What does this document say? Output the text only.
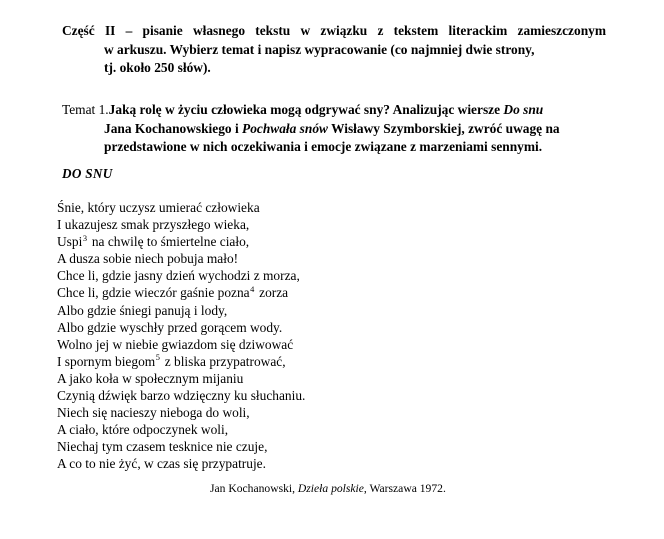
Część II – pisanie własnego tekstu w związku z tekstem literackim zamieszczonym
w arkuszu. Wybierz temat i napisz wypracowanie (co najmniej dwie strony,
tj. około 250 słów).
Temat 1.Jaką rolę w życiu człowieka mogą odgrywać sny? Analizując wiersze Do snu
Jana Kochanowskiego i Pochwała snów Wisławy Szymborskiej, zwróć uwagę na
przedstawione w nich oczekiwania i emocje związane z marzeniami sennymi.
DO SNU
Śnie, który uczysz umierać człowieka
I ukazujesz smak przyszłego wieka,
Uspi$^3$ na chwilę to śmiertelne ciało,
A dusza sobie niech pobuja mało!
Chce li, gdzie jasny dzień wychodzi z morza,
Chce li, gdzie wieczór gaśnie pozna$^4$ zorza
Albo gdzie śniegi panują i lody,
Albo gdzie wyschły przed gorącem wody.
Wolno jej w niebie gwiazdom się dziwować
I spornym biegom$^5$ z bliska przypatrować,
A jako koła w społecznym mijaniu
Czynią dźwięk barzo wdzięczny ku słuchaniu.
Niech się nacieszy nieboga do woli,
A ciało, które odpoczynek woli,
Niechaj tym czasem tesknice nie czuje,
A co to nie żyć, w czas się przypatruje.
Jan Kochanowski, Dzieła polskie, Warszawa 1972.
